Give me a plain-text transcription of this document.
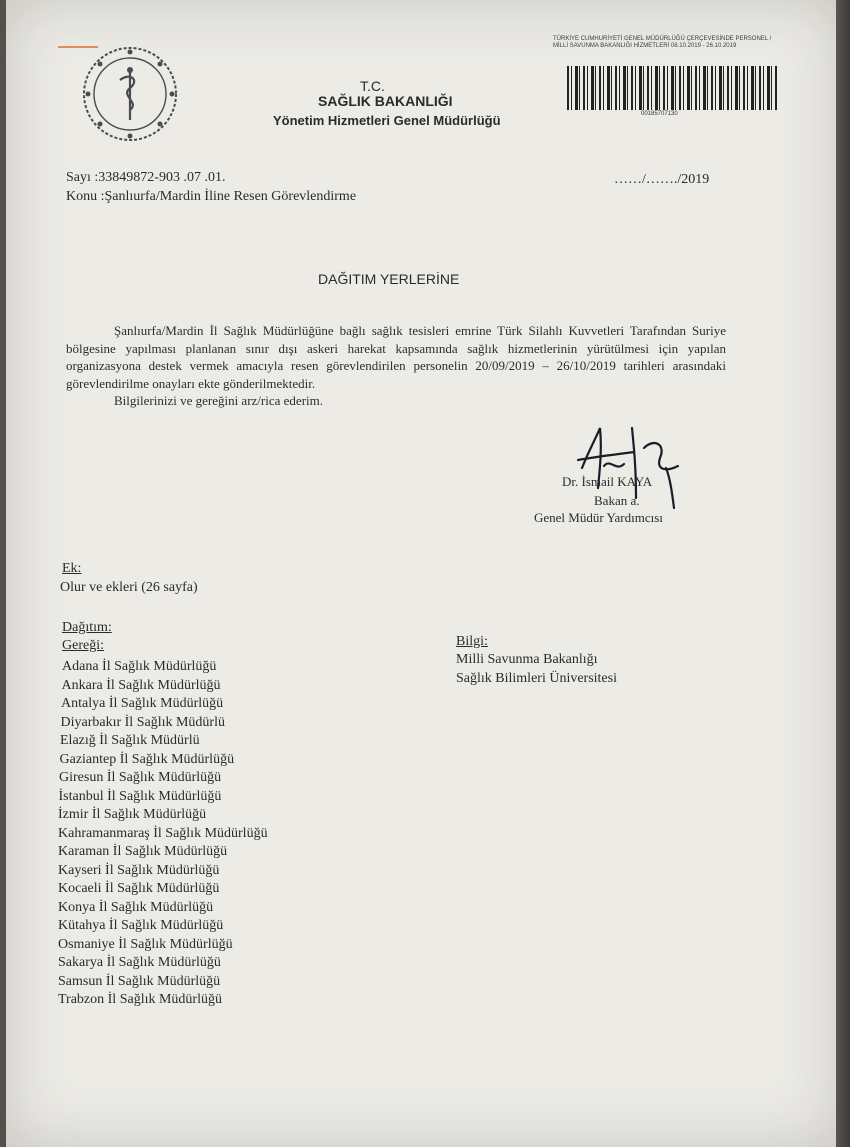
TÜRKİYE CUMHURİYETİ GENEL MÜDÜRLÜĞÜ ÇERÇEVESİNDE PERSONEL / MİLLİ SAVUNMA BAKANLIĞI HİZMETLERİ 08.10.2019 - 26.10.2019
00185707130
T.C.
SAĞLIK BAKANLIĞI
Yönetim Hizmetleri Genel Müdürlüğü
Sayı :33849872-903 .07 .01.
Konu :Şanlıurfa/Mardin İline Resen Görevlendirme
……/……./2019
DAĞITIM YERLERİNE

Şanlıurfa/Mardin İl Sağlık Müdürlüğüne bağlı sağlık tesisleri emrine Türk Silahlı Kuvvetleri Tarafından Suriye bölgesine yapılması planlanan sınır dışı askeri harekat kapsamında sağlık hizmetlerinin yürütülmesi için yapılan organizasyona destek vermek amacıyla resen görevlendirilen personelin 20/09/2019 – 26/10/2019 tarihleri arasındaki görevlendirilme onayları ekte gönderilmektedir.

Bilgilerinizi ve gereğini arz/rica ederim.

Dr. İsmail KAYA
Bakan a.
Genel Müdür Yardımcısı
Ek:
Olur ve ekleri (26 sayfa)
Dağıtım:
Gereği:
Adana İl Sağlık Müdürlüğü
Ankara İl Sağlık Müdürlüğü
Antalya İl Sağlık Müdürlüğü
Diyarbakır İl Sağlık Müdürlü
Elazığ İl Sağlık Müdürlü
Gaziantep İl Sağlık Müdürlüğü
Giresun İl Sağlık Müdürlüğü
İstanbul İl Sağlık Müdürlüğü
İzmir İl Sağlık Müdürlüğü
Kahramanmaraş İl Sağlık Müdürlüğü
Karaman İl Sağlık Müdürlüğü
Kayseri İl Sağlık Müdürlüğü
Kocaeli İl Sağlık Müdürlüğü
Konya İl Sağlık Müdürlüğü
Kütahya İl Sağlık Müdürlüğü
Osmaniye İl Sağlık Müdürlüğü
Sakarya İl Sağlık Müdürlüğü
Samsun İl Sağlık Müdürlüğü
Trabzon İl Sağlık Müdürlüğü
Bilgi:
Milli Savunma Bakanlığı
Sağlık Bilimleri Üniversitesi
